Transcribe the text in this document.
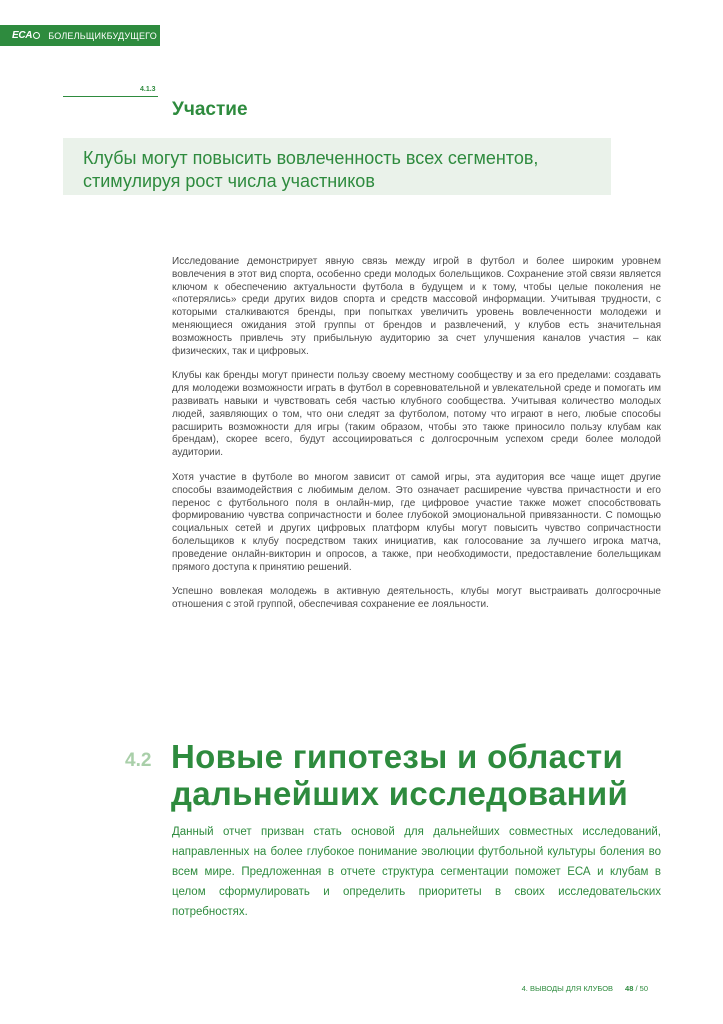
ECA	БОЛЕЛЬЩИКБУДУЩЕГО
4.1.3
Участие

Клубы могут повысить вовлеченность всех сегментов, стимулируя рост числа участников

Исследование демонстрирует явную связь между игрой в футбол и более широким уровнем вовлечения в этот вид спорта, особенно среди молодых болельщиков. Сохранение этой связи является ключом к обеспечению актуальности футбола в будущем и к тому, чтобы целые поколения не «потерялись» среди других видов спорта и средств массовой информации. Учитывая трудности, с которыми сталкиваются бренды, при попытках увеличить уровень вовлеченности молодежи и меняющиеся ожидания этой группы от брендов и развлечений, у клубов есть значительная возможность привлечь эту прибыльную аудиторию за счет улучшения каналов участия – как физических, так и цифровых.

Клубы как бренды могут принести пользу своему местному сообществу и за его пределами: создавать для молодежи возможности играть в футбол в соревновательной и увлекательной среде и помогать им развивать навыки и чувствовать себя частью клубного сообщества. Учитывая количество молодых людей, заявляющих о том, что они следят за футболом, потому что играют в него, любые способы расширить возможности для игры (таким образом, чтобы это также приносило пользу клубам как брендам), скорее всего, будут ассоциироваться с долгосрочным успехом среди более молодой аудитории.

Хотя участие в футболе во многом зависит от самой игры, эта аудитория все чаще ищет другие способы взаимодействия с любимым делом. Это означает расширение чувства причастности и его перенос с футбольного поля в онлайн-мир, где цифровое участие также может способствовать формированию чувства сопричастности и более глубокой эмоциональной привязанности. С помощью социальных сетей и других цифровых платформ клубы могут повысить чувство сопричастности болельщиков к клубу посредством таких инициатив, как голосование за лучшего игрока матча, проведение онлайн-викторин и опросов, а также, при необходимости, предоставление болельщикам прямого доступа к принятию решений.

Успешно вовлекая молодежь в активную деятельность, клубы могут выстраивать долгосрочные отношения с этой группой, обеспечивая сохранение ее лояльности.

4.2 Новые гипотезы и области дальнейших исследований

Данный отчет призван стать основой для дальнейших совместных исследований, направленных на более глубокое понимание эволюции футбольной культуры боления во всем мире. Предложенная в отчете структура сегментации поможет ЕСА и клубам в целом сформулировать и определить приоритеты в своих исследовательских потребностях.

4. ВЫВОДЫ ДЛЯ КЛУБОВ 48 / 50
